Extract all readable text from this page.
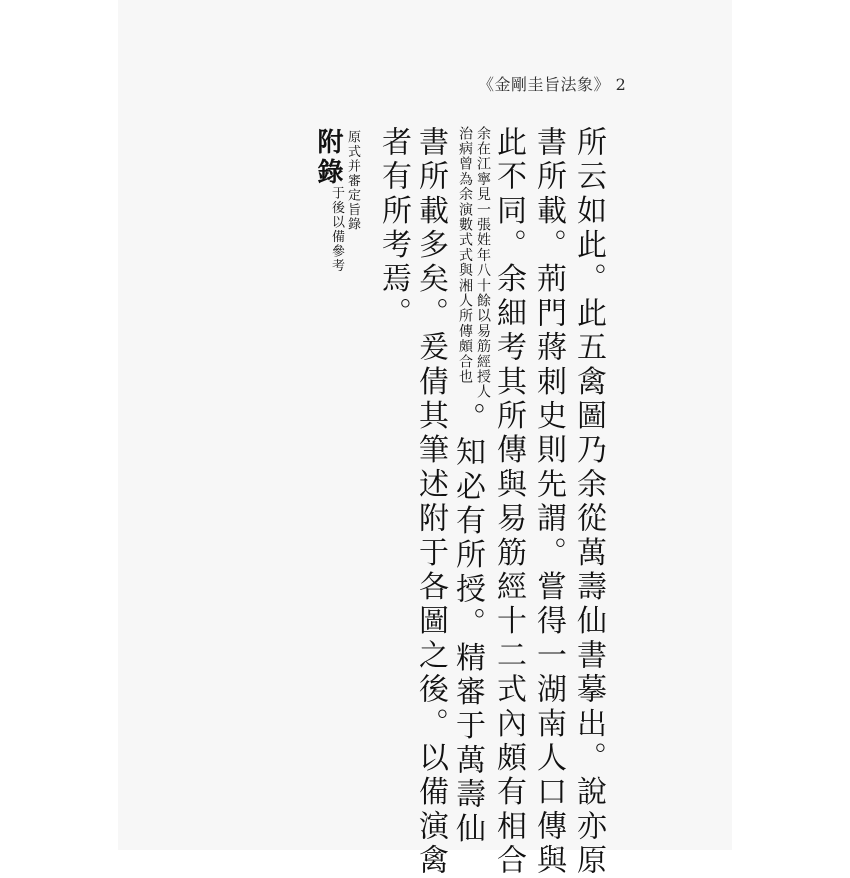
《金剛圭旨法象》 2

所云如此。此五禽圖乃余從萬壽仙書摹出。說亦原

書所載。荊門蔣刺史則先謂。嘗得一湖南人口傳與

此不同。余細考其所傳與易筋經十二式內頗有相合

余在江寧見一張姓年八十餘以易筋經授人

治病曾為余演數式式與湘人所傳頗合也

。知必有所授。精審于萬壽仙

書所載多矣。爰倩其筆述附于各圖之後。以備演禽

者有所考焉。

附錄 原式并審定旨錄

于後以備參考
